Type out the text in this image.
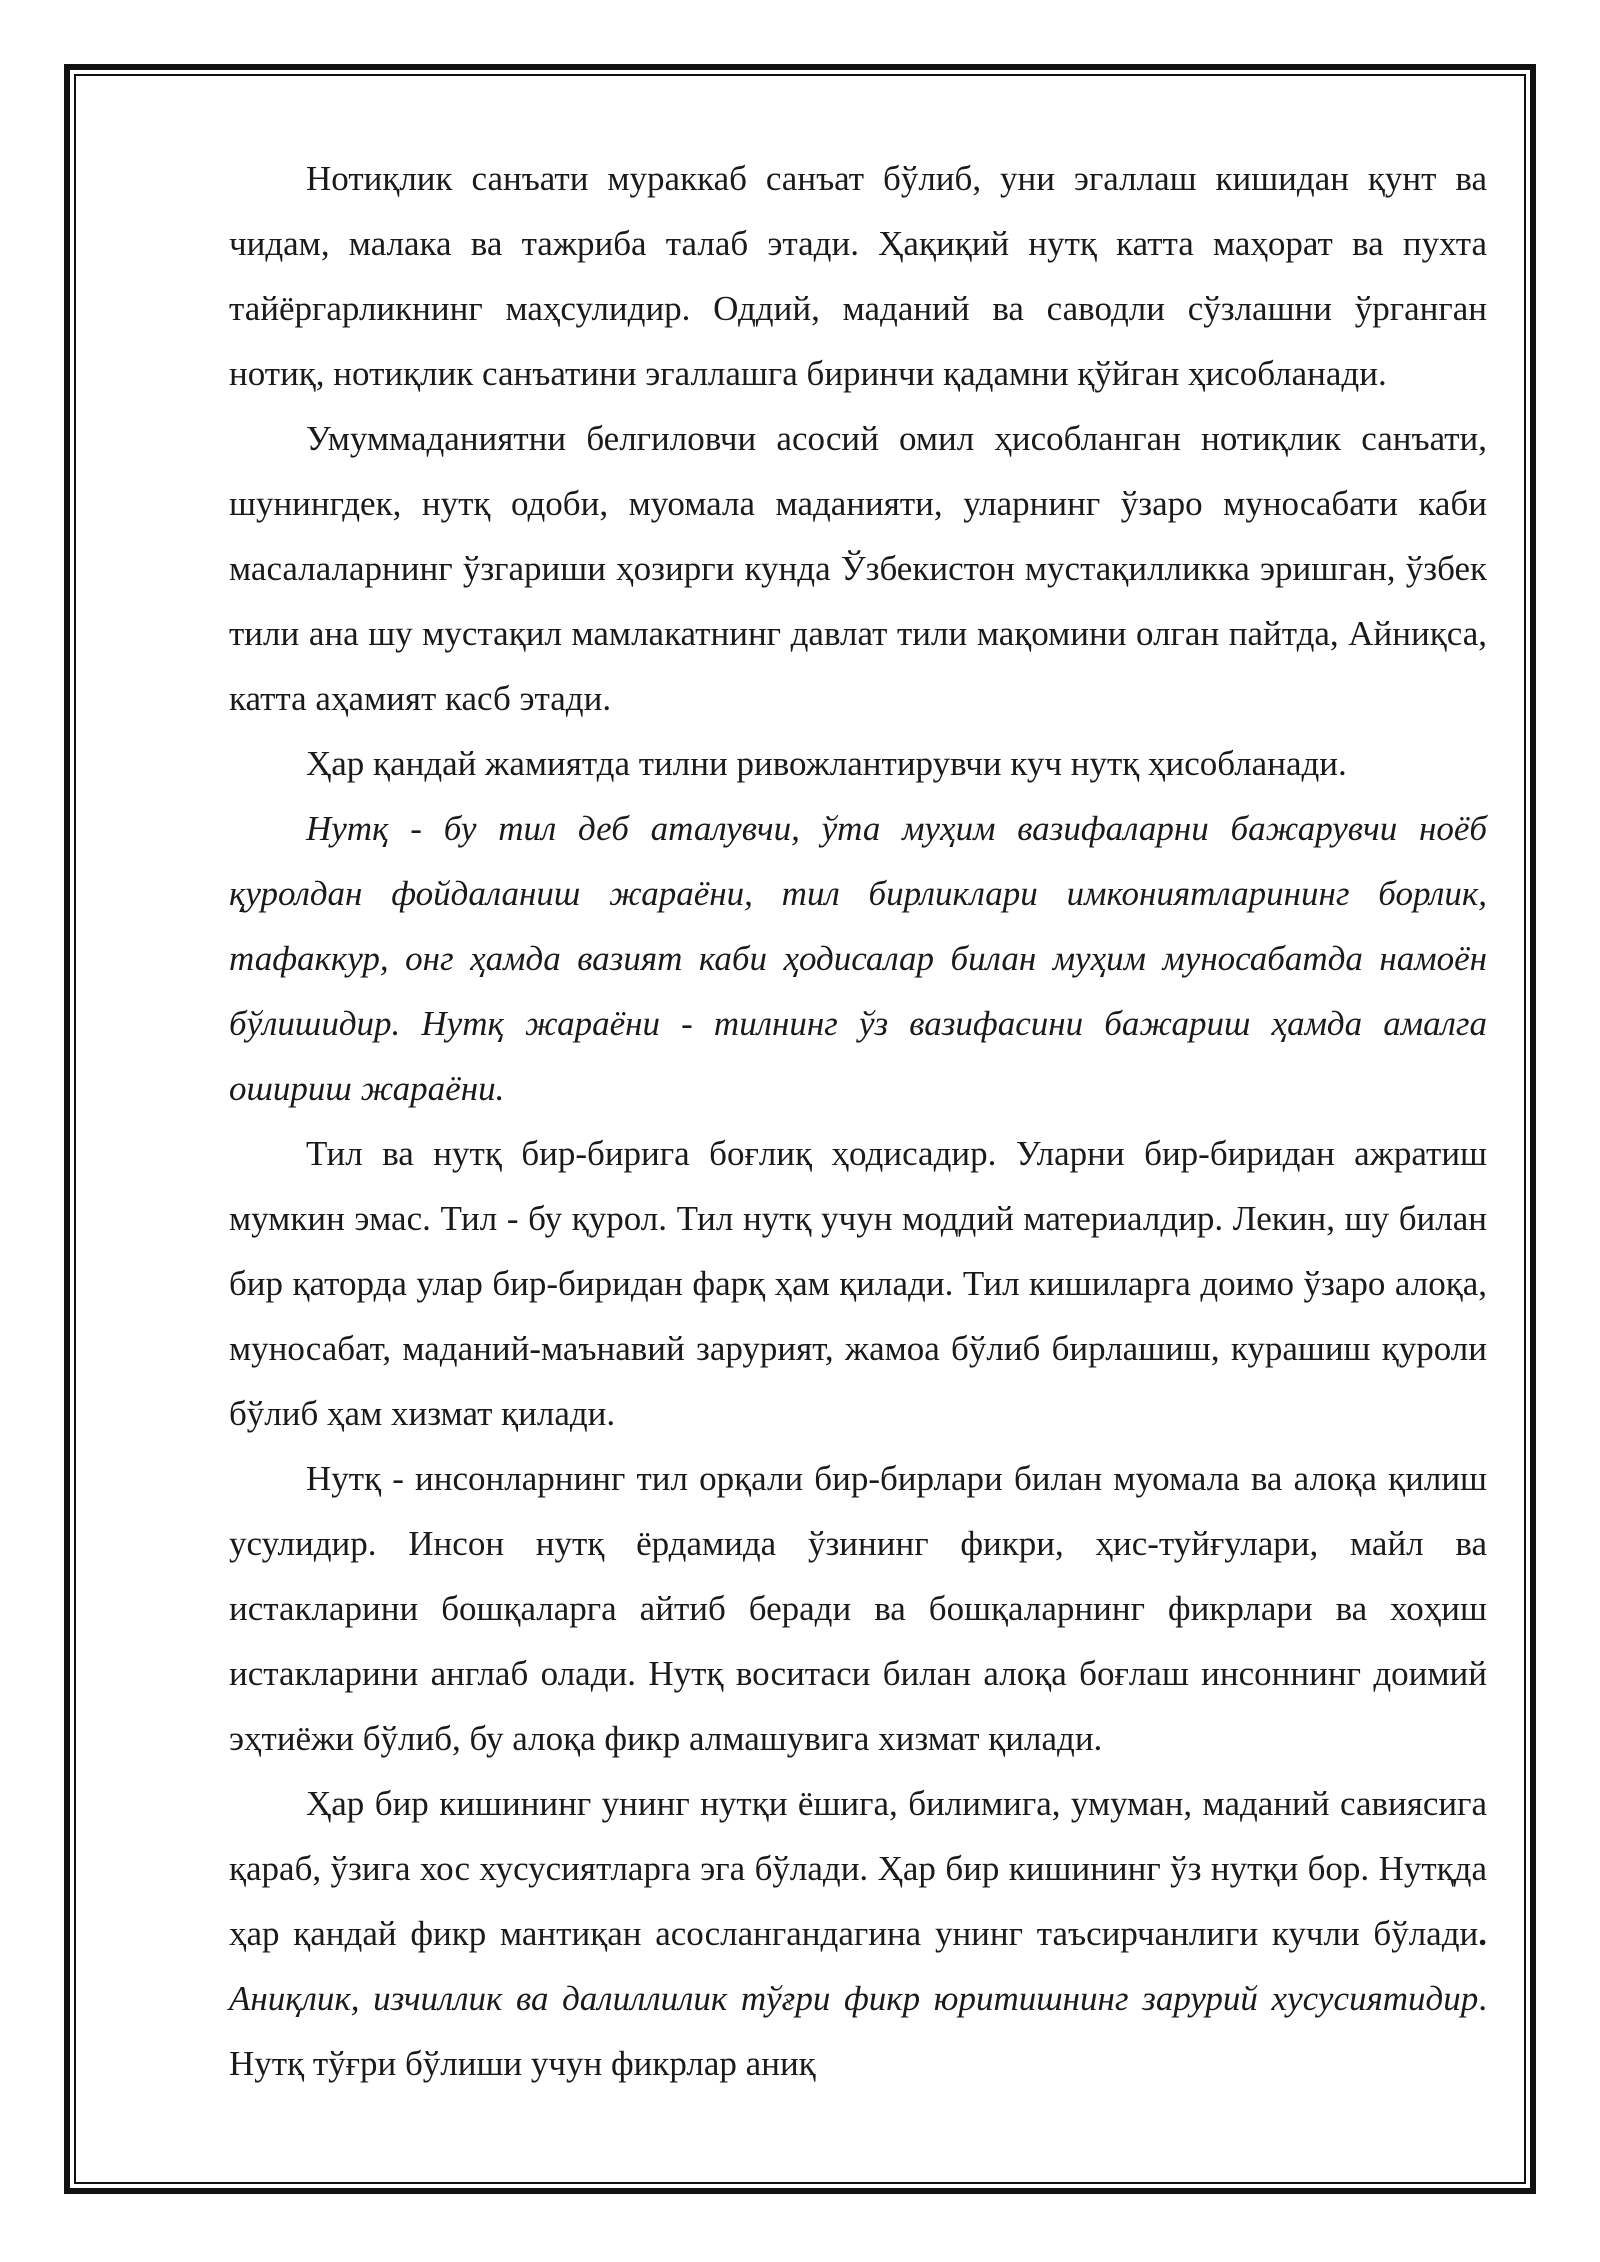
Нотиқлик санъати мураккаб санъат бўлиб, уни эгаллаш кишидан қунт ва чидам, малака ва тажриба талаб этади. Ҳақиқий нутқ катта маҳорат ва пухта тайёргарликнинг маҳсулидир. Оддий, маданий ва саводли сўзлашни ўрганган нотиқ, нотиқлик санъатини эгаллашга биринчи қадамни қўйган ҳисобланади.

Умуммаданиятни белгиловчи асосий омил ҳисобланган нотиқлик санъати, шунингдек, нутқ одоби, муомала маданияти, уларнинг ўзаро муносабати каби масалаларнинг ўзгариши ҳозирги кунда Ўзбекистон мустақилликка эришган, ўзбек тили ана шу мустақил мамлакатнинг давлат тили мақомини олган пайтда, Айниқса, катта аҳамият касб этади.

Ҳар қандай жамиятда тилни ривожлантирувчи куч нутқ ҳисобланади.

Нутқ - бу тил деб аталувчи, ўта муҳим вазифаларни бажарувчи ноёб қуролдан фойдаланиш жараёни, тил бирликлари имкониятларининг борлик, тафаккур, онг ҳамда вазият каби ҳодисалар билан муҳим муносабатда намоён бўлишидир. Нутқ жараёни - тилнинг ўз вазифасини бажариш ҳамда амалга ошириш жараёни.

Тил ва нутқ бир-бирига боғлиқ ҳодисадир. Уларни бир-биридан ажратиш мумкин эмас. Тил - бу қурол. Тил нутқ учун моддий материалдир. Лекин, шу билан бир қаторда улар бир-биридан фарқ ҳам қилади. Тил кишиларга доимо ўзаро алоқа, муносабат, маданий-маънавий зарурият, жамоа бўлиб бирлашиш, курашиш қуроли бўлиб ҳам хизмат қилади.

Нутқ - инсонларнинг тил орқали бир-бирлари билан муомала ва алоқа қилиш усулидир. Инсон нутқ ёрдамида ўзининг фикри, ҳис-туйғулари, майл ва истакларини бошқаларга айтиб беради ва бошқаларнинг фикрлари ва хоҳиш истакларини англаб олади. Нутқ воситаси билан алоқа боғлаш инсоннинг доимий эҳтиёжи бўлиб, бу алоқа фикр алмашувига хизмат қилади.

Ҳар бир кишининг унинг нутқи ёшига, билимига, умуман, маданий савиясига қараб, ўзига хос хусусиятларга эга бўлади. Ҳар бир кишининг ўз нутқи бор. Нутқда ҳар қандай фикр мантиқан асослангандагина унинг таъсирчанлиги кучли бўлади. Аниқлик, изчиллик ва далиллилик тўғри фикр юритишнинг зарурий хусусиятидир. Нутқ тўғри бўлиши учун фикрлар аниқ
